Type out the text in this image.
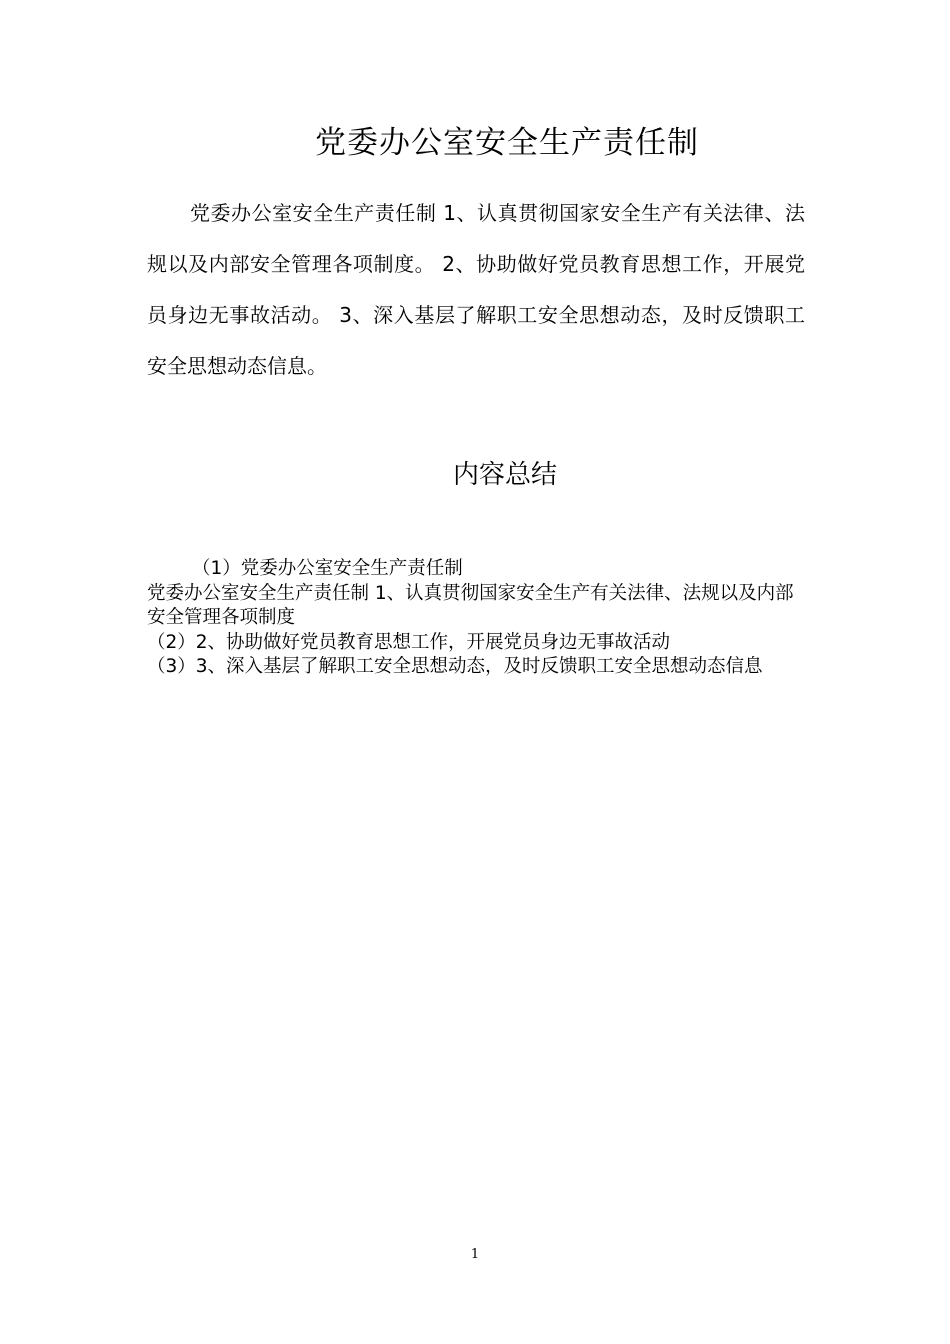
党委办公室安全生产责任制

党委办公室安全生产责任制 1、认真贯彻国家安全生产有关法律、法规以及内部安全管理各项制度。 2、协助做好党员教育思想工作，开展党员身边无事故活动。 3、深入基层了解职工安全思想动态，及时反馈职工安全思想动态信息。

内容总结

（1）党委办公室安全生产责任制

党委办公室安全生产责任制 1、认真贯彻国家安全生产有关法律、法规以及内部安全管理各项制度

（2）2、协助做好党员教育思想工作，开展党员身边无事故活动

（3）3、深入基层了解职工安全思想动态，及时反馈职工安全思想动态信息

1
